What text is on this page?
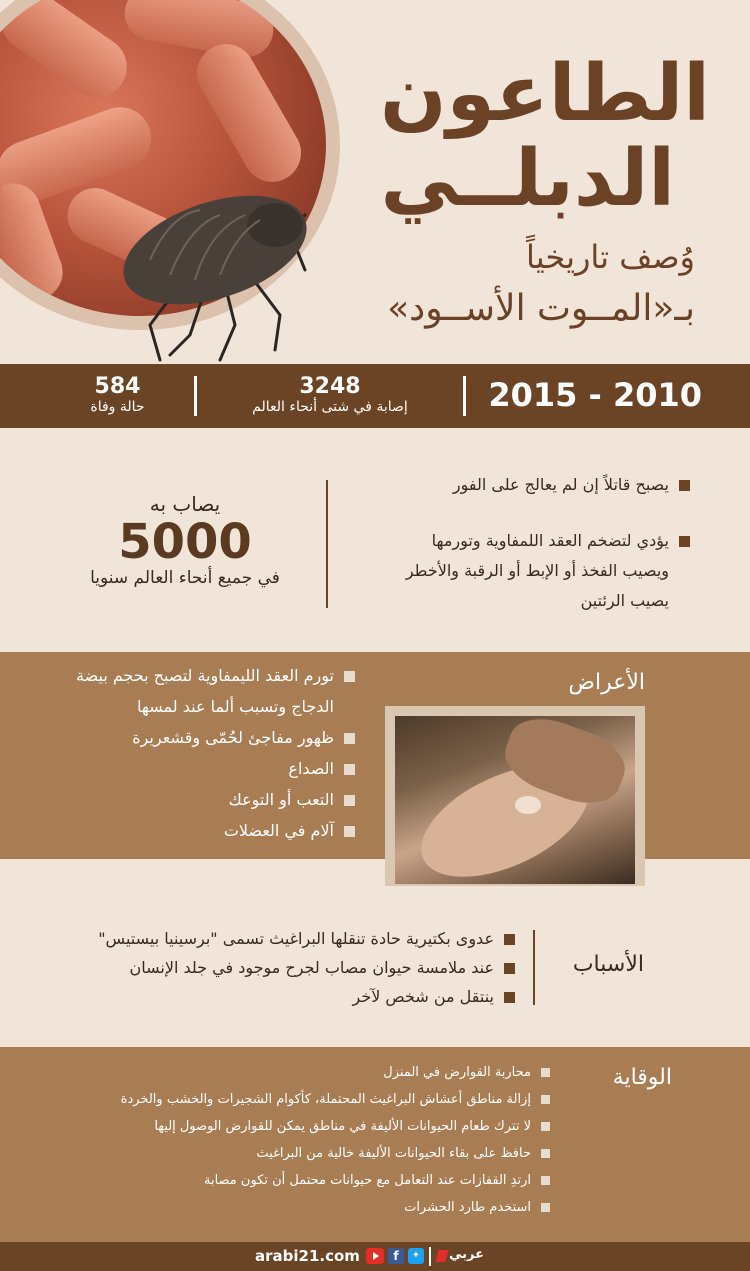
الطاعون
الدبلــي
وُصف تاريخياً
بـ«المــوت الأســود»
2015 - 2010
3248
إصابة في شتى أنحاء العالم
584
حالة وفاة
يصبح قاتلاً إن لم يعالج على الفور
يؤدي لتضخم العقد اللمفاوية وتورمها
ويصيب الفخذ أو الإبط أو الرقبة والأخطر
يصيب الرئتين
يصاب به
5000
في جميع أنحاء العالم سنويا
الأعراض
تورم العقد الليمفاوية لتصبح بحجم بيضة
الدجاج وتسبب ألما عند لمسها
ظهور مفاجئ لحُمّى وقشعريرة
الصداع
التعب أو التوعك
آلام في العضلات
الأسباب
عدوى بكتيرية حادة تنقلها البراغيث تسمى "برسينيا بيستيس"
عند ملامسة حيوان مصاب لجرح موجود في جلد الإنسان
ينتقل من شخص لآخر
الوقاية
محاربة القوارض في المنزل
إزالة مناطق أعشاش البراغيث المحتملة، كأكوام الشجيرات والخشب والخردة
لا تترك طعام الحيوانات الأليفة في مناطق يمكن للقوارض الوصول إليها
حافظ على بقاء الحيوانات الأليفة خالية من البراغيث
ارتدِ القفازات عند التعامل مع حيوانات محتمل أن تكون مصابة
استخدم طارد الحشرات
arabi21.com	f	✦ عربي
